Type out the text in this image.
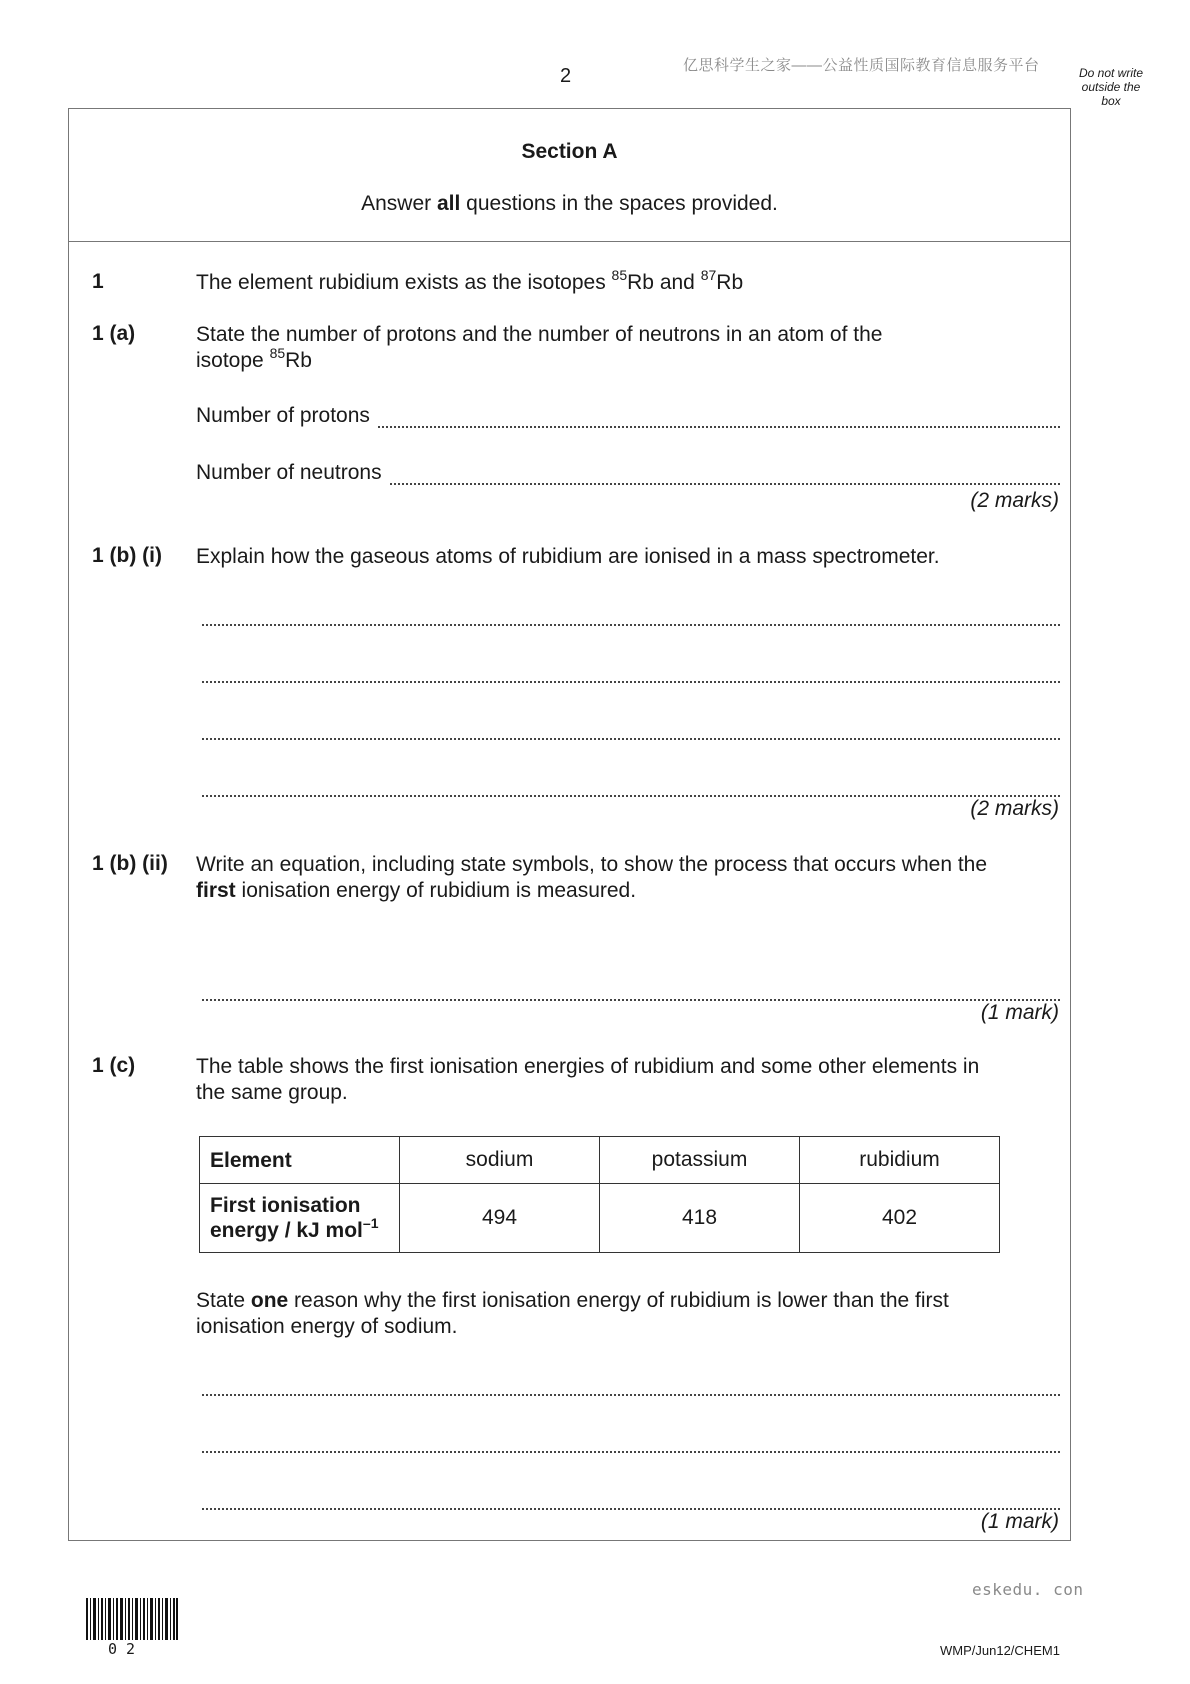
2	亿思科学生之家——公益性质国际教育信息服务平台	Do not write
outside the
box
Section A
Answer all questions in the spaces provided.
1	The element rubidium exists as the isotopes $^{85}$Rb and $^{87}$Rb
1 (a)	State the number of protons and the number of neutrons in an atom of the
isotope $^{85}$Rb
Number of protons
Number of neutrons
(2 marks)
1 (b) (i) Explain how the gaseous atoms of rubidium are ionised in a mass spectrometer.
(2 marks)
1 (b) (ii) Write an equation, including state symbols, to show the process that occurs when the
first ionisation energy of rubidium is measured.
(1 mark)
1 (c)	The table shows the first ionisation energies of rubidium and some other elements in
the same group.
Element	sodium	potassium	rubidium

First ionisation
energy / kJ mol$^{-1}$	494	418	402
State one reason why the first ionisation energy of rubidium is lower than the first
ionisation energy of sodium.
(1 mark)
eskedu. con
02	WMP/Jun12/CHEM1
